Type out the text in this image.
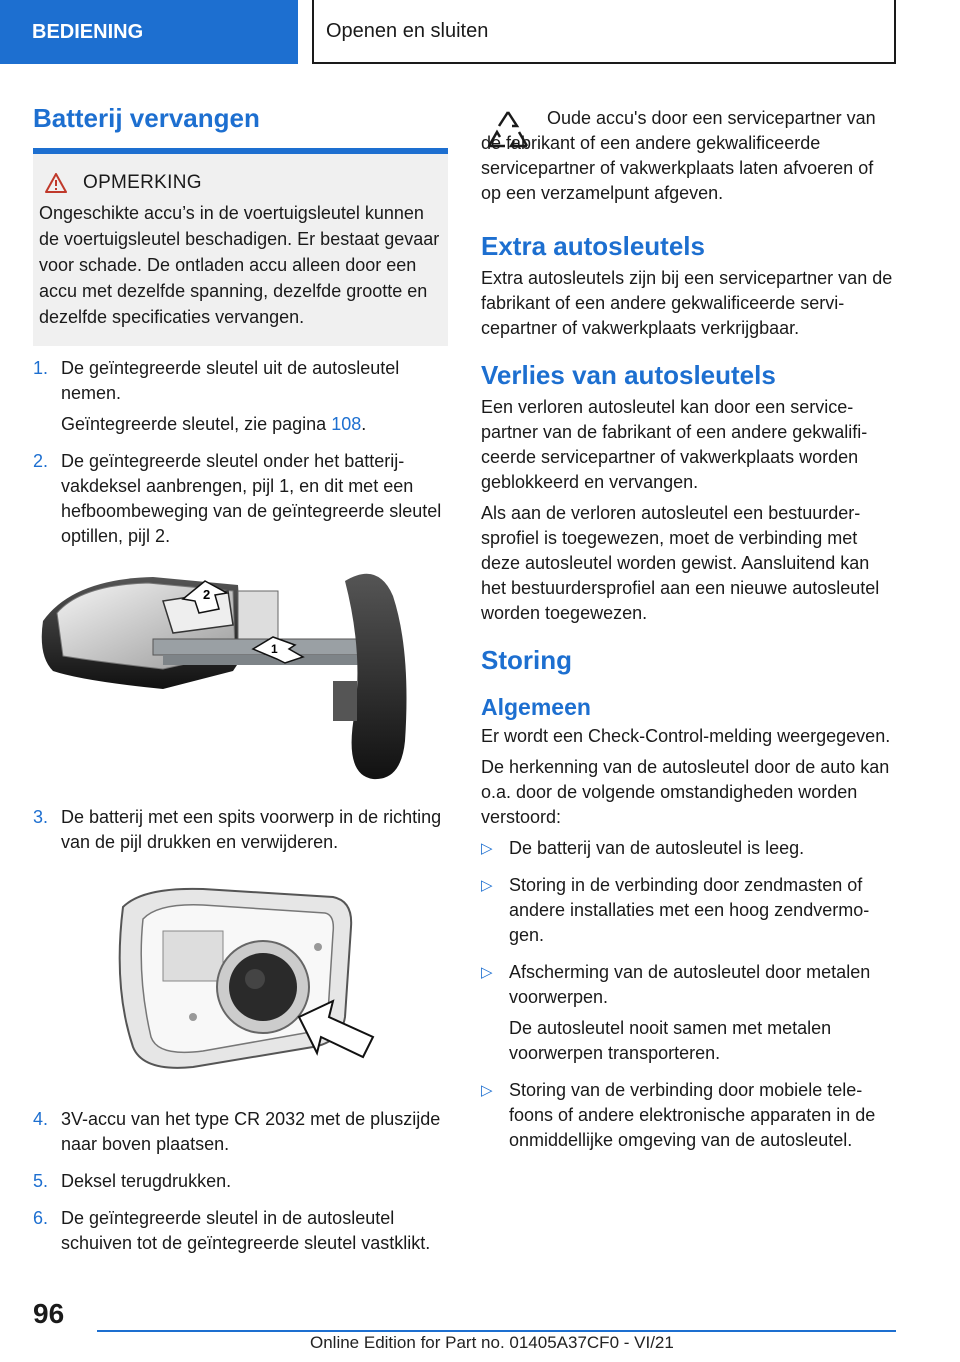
BEDIENING	Openen en sluiten
Batterij vervangen
OPMERKING

Ongeschikte accu’s in de voertuigsleutel kunnen de voertuigsleutel beschadigen. Er bestaat gevaar voor schade. De ontladen accu alleen door een accu met dezelfde spanning, dezelfde grootte en dezelfde specificaties vervangen.

1. De geïntegreerde sleutel uit de autosleutel nemen.

Geïntegreerde sleutel, zie pagina 108.

2. De geïntegreerde sleutel onder het batterijvakdeksel aanbrengen, pijl 1, en dit met een hefboombeweging van de geïntegreerde sleutel optillen, pijl 2.

2
1
3. De batterij met een spits voorwerp in de richting van de pijl drukken en verwijderen.

4. 3V-accu van het type CR 2032 met de pluszijde naar boven plaatsen.

5. Deksel terugdrukken.

6. De geïntegreerde sleutel in de autosleutel schuiven tot de geïntegreerde sleutel vastklikt.

Oude accu's door een servicepartner van de fabrikant of een andere gekwalificeerde servicepartner of vakwerkplaats laten afvoeren of op een verzamelpunt afgeven.

Extra autosleutels

Extra autosleutels zijn bij een servicepartner van de fabrikant of een andere gekwalificeerde servicepartner of vakwerkplaats verkrijgbaar.

Verlies van autosleutels

Een verloren autosleutel kan door een servicepartner van de fabrikant of een andere gekwalificeerde servicepartner of vakwerkplaats worden geblokkeerd en vervangen.

Als aan de verloren autosleutel een bestuurdersprofiel is toegewezen, moet de verbinding met deze autosleutel worden gewist. Aansluitend kan het bestuurdersprofiel aan een nieuwe autosleutel worden toegewezen.

Storing
Algemeen

Er wordt een Check-Control-melding weergegeven.

De herkenning van de autosleutel door de auto kan o.a. door de volgende omstandigheden worden verstoord:

▷ De batterij van de autosleutel is leeg.

▷ Storing in de verbinding door zendmasten of andere installaties met een hoog zendvermogen.

▷ Afscherming van de autosleutel door metalen voorwerpen.

De autosleutel nooit samen met metalen voorwerpen transporteren.

▷ Storing van de verbinding door mobiele telefoons of andere elektronische apparaten in de onmiddellijke omgeving van de autosleutel.

96
Online Edition for Part no. 01405A37CF0 - VI/21
